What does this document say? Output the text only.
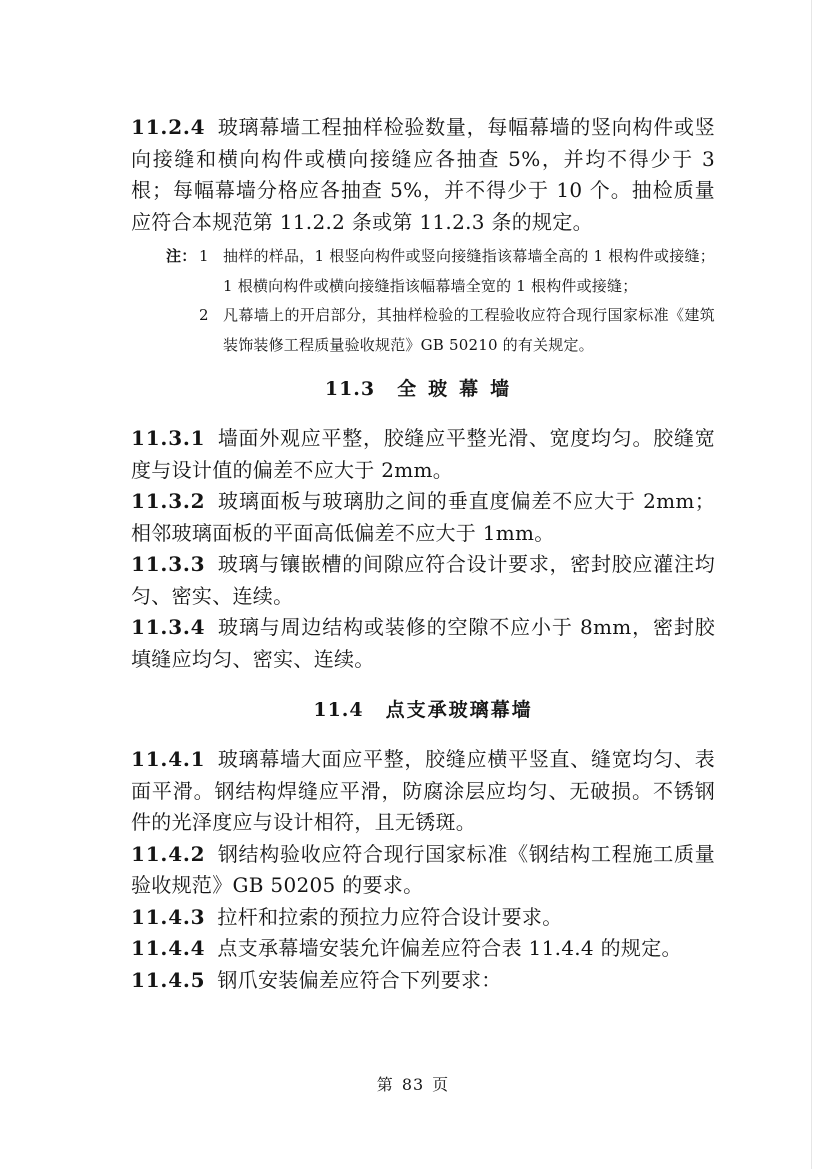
11.2.4 玻璃幕墙工程抽样检验数量，每幅幕墙的竖向构件或竖向接缝和横向构件或横向接缝应各抽查 5%，并均不得少于 3 根；每幅幕墙分格应各抽查 5%，并不得少于 10 个。抽检质量应符合本规范第 11.2.2 条或第 11.2.3 条的规定。

注： 1 抽样的样品，1 根竖向构件或竖向接缝指该幕墙全高的 1 根构件或接缝；1 根横向构件或横向接缝指该幅幕墙全宽的 1 根构件或接缝；
2 凡幕墙上的开启部分，其抽样检验的工程验收应符合现行国家标准《建筑装饰装修工程质量验收规范》GB 50210 的有关规定。
11.3 全玻幕墙

11.3.1 墙面外观应平整，胶缝应平整光滑、宽度均匀。胶缝宽度与设计值的偏差不应大于 2mm。

11.3.2 玻璃面板与玻璃肋之间的垂直度偏差不应大于 2mm；相邻玻璃面板的平面高低偏差不应大于 1mm。

11.3.3 玻璃与镶嵌槽的间隙应符合设计要求，密封胶应灌注均匀、密实、连续。

11.3.4 玻璃与周边结构或装修的空隙不应小于 8mm，密封胶填缝应均匀、密实、连续。

11.4 点支承玻璃幕墙

11.4.1 玻璃幕墙大面应平整，胶缝应横平竖直、缝宽均匀、表面平滑。钢结构焊缝应平滑，防腐涂层应均匀、无破损。不锈钢件的光泽度应与设计相符，且无锈斑。

11.4.2 钢结构验收应符合现行国家标准《钢结构工程施工质量验收规范》GB 50205 的要求。

11.4.3 拉杆和拉索的预拉力应符合设计要求。

11.4.4 点支承幕墙安装允许偏差应符合表 11.4.4 的规定。

11.4.5 钢爪安装偏差应符合下列要求：

第 83 页
